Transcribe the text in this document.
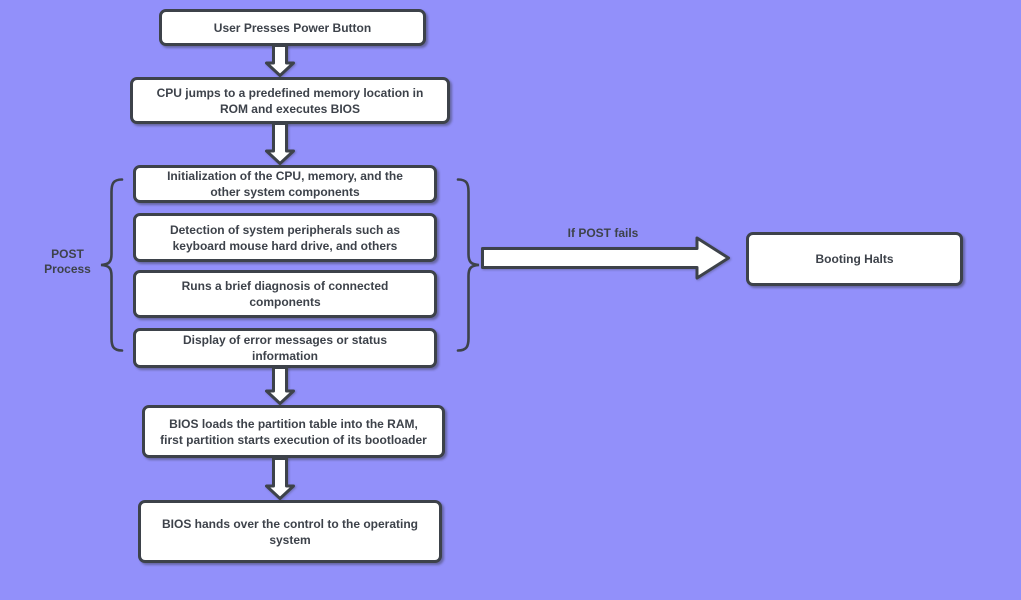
User Presses Power Button
CPU jumps to a predefined memory location in
ROM and executes BIOS
Initialization of the CPU, memory, and the
other system components
Detection of system peripherals such as
keyboard mouse hard drive, and others
Runs a brief diagnosis of connected
components
Display of error messages or status
information
BIOS loads the partition table into the RAM,
first partition starts execution of its bootloader
BIOS hands over the control to the operating
system
Booting Halts
POST
Process
If POST fails
